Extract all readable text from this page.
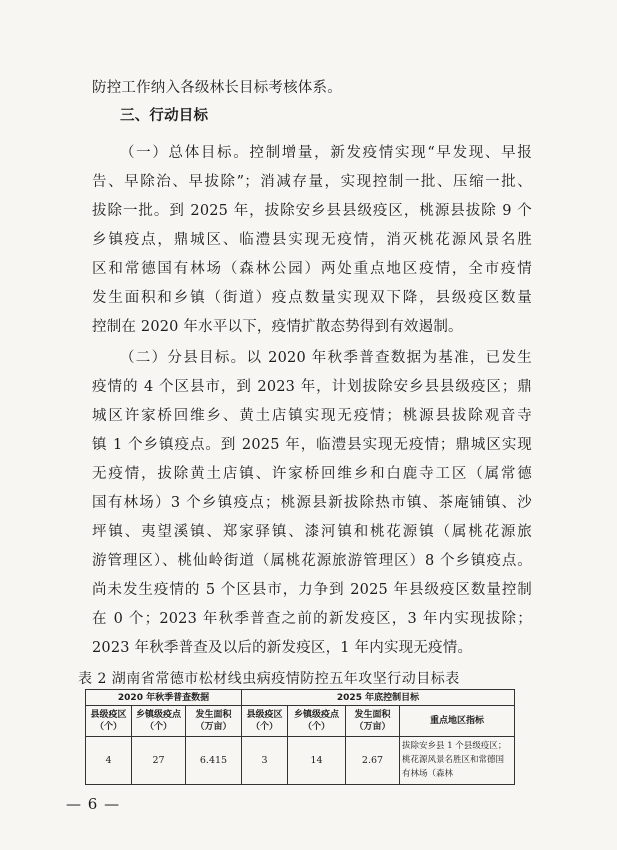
防控工作纳入各级林长目标考核体系。
三、行动目标
（一）总体目标。控制增量，新发疫情实现“早发现、早报
告、早除治、早拔除”；消减存量，实现控制一批、压缩一批、
拔除一批。到 2025 年，拔除安乡县县级疫区，桃源县拔除 9 个
乡镇疫点，鼎城区、临澧县实现无疫情，消灭桃花源风景名胜
区和常德国有林场（森林公园）两处重点地区疫情，全市疫情
发生面积和乡镇（街道）疫点数量实现双下降，县级疫区数量
控制在 2020 年水平以下，疫情扩散态势得到有效遏制。
（二）分县目标。以 2020 年秋季普查数据为基准，已发生
疫情的 4 个区县市，到 2023 年，计划拔除安乡县县级疫区；鼎
城区许家桥回维乡、黄土店镇实现无疫情；桃源县拔除观音寺
镇 1 个乡镇疫点。到 2025 年，临澧县实现无疫情；鼎城区实现
无疫情，拔除黄土店镇、许家桥回维乡和白鹿寺工区（属常德
国有林场）3 个乡镇疫点；桃源县新拔除热市镇、茶庵铺镇、沙
坪镇、夷望溪镇、郑家驿镇、漆河镇和桃花源镇（属桃花源旅
游管理区）、桃仙岭街道（属桃花源旅游管理区）8 个乡镇疫点。
尚未发生疫情的 5 个区县市，力争到 2025 年县级疫区数量控制
在 0 个；2023 年秋季普查之前的新发疫区，3 年内实现拔除；
2023 年秋季普查及以后的新发疫区，1 年内实现无疫情。
表 2 湖南省常德市松材线虫病疫情防控五年攻坚行动目标表
2020 年秋季普查数据			2025 年底控制目标			
县级疫区（个）	乡镇级疫点（个）	发生面积（万亩）	县级疫区（个）	乡镇级疫点（个）	发生面积（万亩）	重点地区指标
4	27	6.415	3	14	2.67	拔除安乡县 1 个县级疫区；桃花源风景名胜区和常德国有林场（森林
— 6 —
